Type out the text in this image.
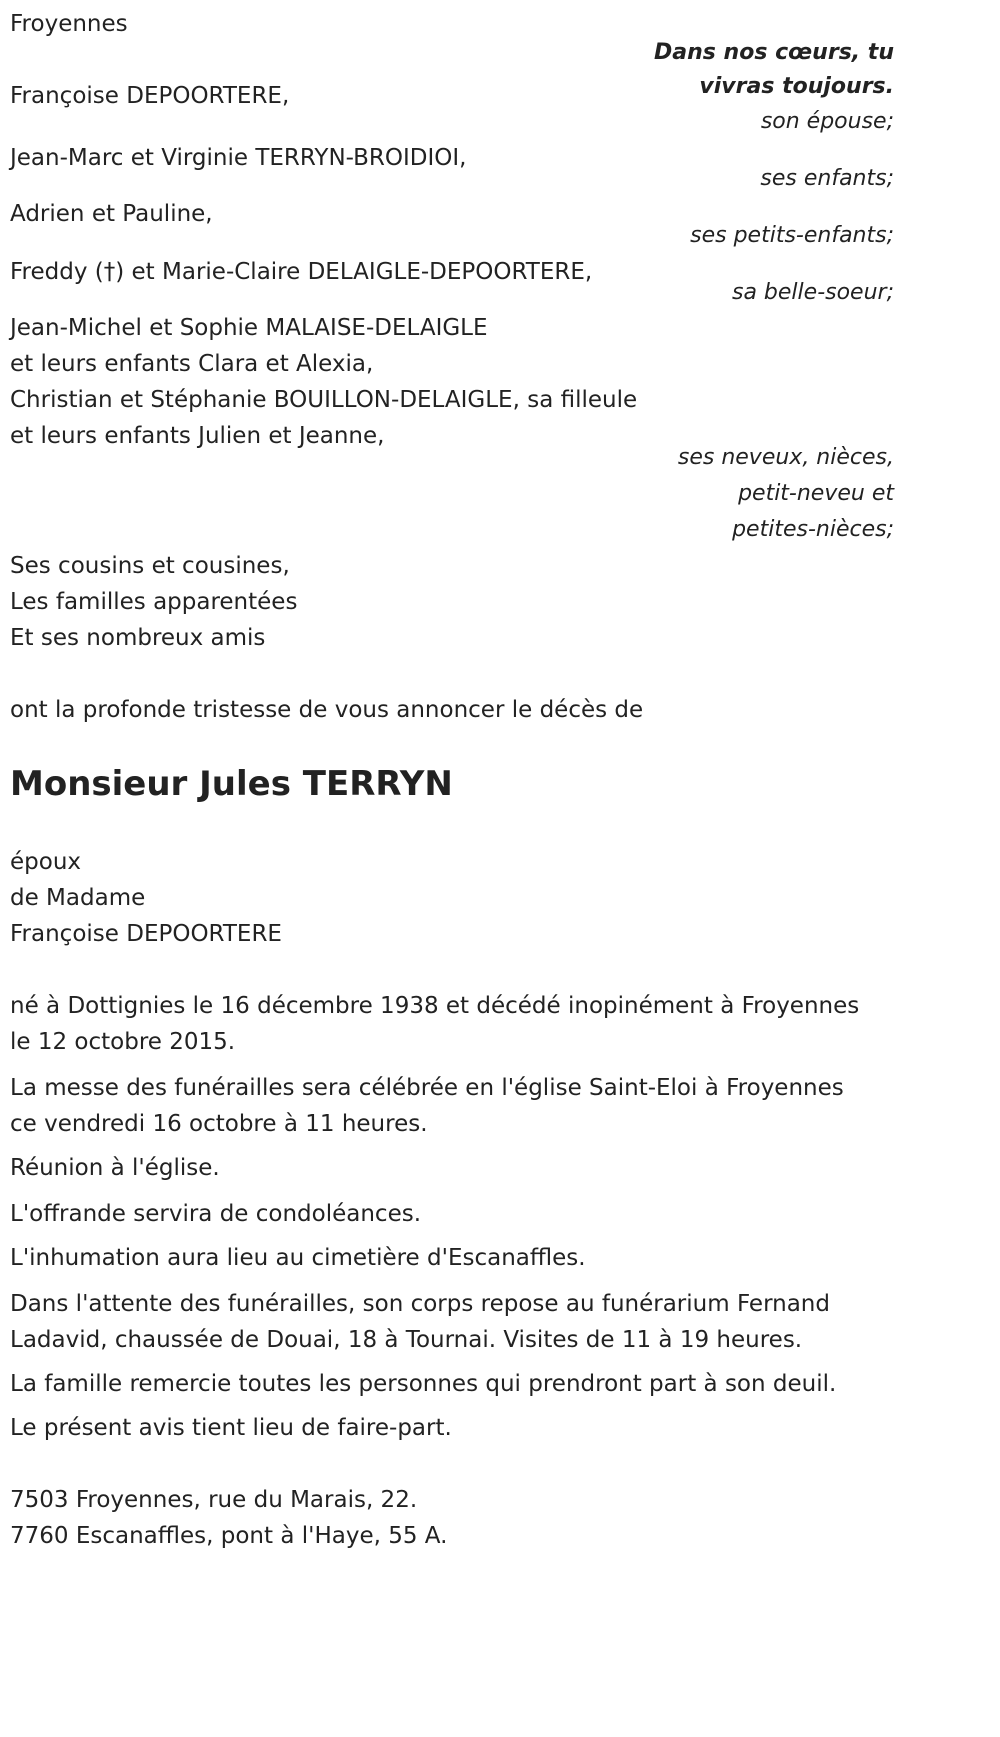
Froyennes

Dans nos cœurs, tu
vivras toujours.

Françoise DEPOORTERE,

son épouse;

Jean-Marc et Virginie TERRYN-BROIDIOI,

ses enfants;

Adrien et Pauline,

ses petits-enfants;

Freddy (†) et Marie-Claire DELAIGLE-DEPOORTERE,

sa belle-soeur;

Jean-Michel et Sophie MALAISE-DELAIGLE

et leurs enfants Clara et Alexia,

Christian et Stéphanie BOUILLON-DELAIGLE, sa filleule

et leurs enfants Julien et Jeanne,

ses neveux, nièces,

petit-neveu et

petites-nièces;

Ses cousins et cousines,

Les familles apparentées

Et ses nombreux amis

ont la profonde tristesse de vous annoncer le décès de

Monsieur Jules TERRYN

époux

de Madame

Françoise DEPOORTERE

né à Dottignies le 16 décembre 1938 et décédé inopinément à Froyennes

le 12 octobre 2015.

La messe des funérailles sera célébrée en l'église Saint-Eloi à Froyennes

ce vendredi 16 octobre à 11 heures.

Réunion à l'église.

L'offrande servira de condoléances.

L'inhumation aura lieu au cimetière d'Escanaffles.

Dans l'attente des funérailles, son corps repose au funérarium Fernand

Ladavid, chaussée de Douai, 18 à Tournai. Visites de 11 à 19 heures.

La famille remercie toutes les personnes qui prendront part à son deuil.

Le présent avis tient lieu de faire-part.

7503 Froyennes, rue du Marais, 22.

7760 Escanaffles, pont à l'Haye, 55 A.
